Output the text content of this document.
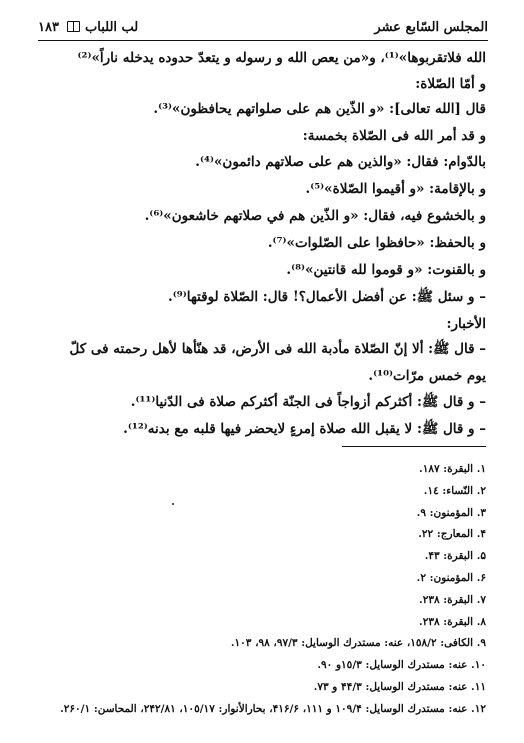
المجلس السّابع عشر
لب اللباب  ١٨٣
الله فلاتقربوها»⁽¹⁾، و«من يعص الله و رسوله و يتعدّ حدوده يدخله ناراً»⁽²⁾
و أمّا الصّلاة:
قال [الله تعالى]: «و الذّين هم على صلواتهم يحافظون»⁽³⁾.
و قد أمر الله فى الصّلاة بخمسة:
بالدّوام: فقال: «والذين هم على صلاتهم دائمون»⁽⁴⁾.
و بالإقامة: «و أقيموا الصّلاة»⁽⁵⁾.
و بالخشوع فيه، فقال: «و الذّين هم في صلاتهم خاشعون»⁽⁶⁾.
و بالحفظ: «حافظوا على الصّلوات»⁽⁷⁾.
و بالقنوت: «و قوموا لله قانتين»⁽⁸⁾.
– و سئل ﷺ: عن أفضل الأعمال؟! قال: الصّلاة لوقتها⁽⁹⁾.
الأخبار:
– قال ﷺ: ألا إنّ الصّلاة مأدبة الله فى الأرض، قد هنّأها لأهل رحمته فى كلّ
يوم خمس مرّات⁽¹⁰⁾.
– و قال ﷺ: أكثركم أزواجاً فى الجنّة أكثركم صلاة فى الدّنيا⁽¹¹⁾.
– و قال ﷺ: لا يقبل الله صلاة إمرءٍ لايحضر فيها قلبه مع بدنه⁽¹²⁾.
١. البقرة: ١٨٧.
٢. النّساء: ١٤.
٣. المؤمنون: ٩.
۴. المعارج: ٢٢.
۵. البقرة: ۴٣.
۶. المؤمنون: ٢.
٧. البقرة: ٢٣٨.
٨. البقرة: ٢٣٨.
٩. الكافى: ١٥٨/٢، عنه: مستدرك الوسايل: ٩٧/٣، ٩٨، ١٠٣.
١٠. عنه: مستدرك الوسايل: ١٥/٣و ٩٠.
١١. عنه: مستدرك الوسايل: ۴۴/٣ و ٧٣.
١٢. عنه: مستدرك الوسايل: ١٠٩/۴ و ١١١، ۴١۶/۶، بحارالأنوار: ١٠٥/١٧، ٢۴٢/٨١، المحاسن: ٢۶٠/١.
